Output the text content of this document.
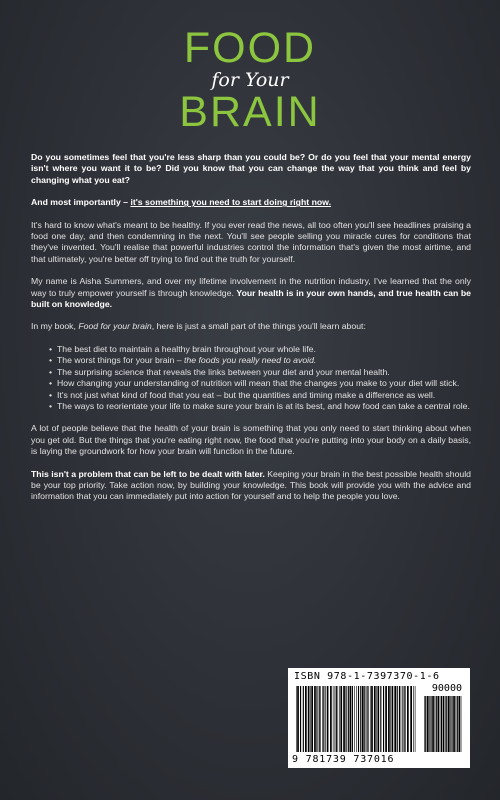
FOOD
for Your
BRAIN

Do you sometimes feel that you're less sharp than you could be? Or do you feel that your mental energy isn't where you want it to be? Did you know that you can change the way that you think and feel by changing what you eat?

And most importantly – it's something you need to start doing right now.

It's hard to know what's meant to be healthy. If you ever read the news, all too often you'll see headlines praising a food one day, and then condemning in the next. You'll see people selling you miracle cures for conditions that they've invented. You'll realise that powerful industries control the information that's given the most airtime, and that ultimately, you're better off trying to find out the truth for yourself.

My name is Aisha Summers, and over my lifetime involvement in the nutrition industry, I've learned that the only way to truly empower yourself is through knowledge. Your health is in your own hands, and true health can be built on knowledge.

In my book, Food for your brain, here is just a small part of the things you'll learn about:

• The best diet to maintain a healthy brain throughout your whole life.
• The worst things for your brain – the foods you really need to avoid.
• The surprising science that reveals the links between your diet and your mental health.
• How changing your understanding of nutrition will mean that the changes you make to your diet will stick.
• It's not just what kind of food that you eat – but the quantities and timing make a difference as well.
• The ways to reorientate your life to make sure your brain is at its best, and how food can take a central role.

A lot of people believe that the health of your brain is something that you only need to start thinking about when you get old. But the things that you're eating right now, the food that you're putting into your body on a daily basis, is laying the groundwork for how your brain will function in the future.

This isn't a problem that can be left to be dealt with later. Keeping your brain in the best possible health should be your top priority. Take action now, by building your knowledge. This book will provide you with the advice and information that you can immediately put into action for yourself and to help the people you love.

ISBN 978-1-7397370-1-6
90000
9 781739 737016
